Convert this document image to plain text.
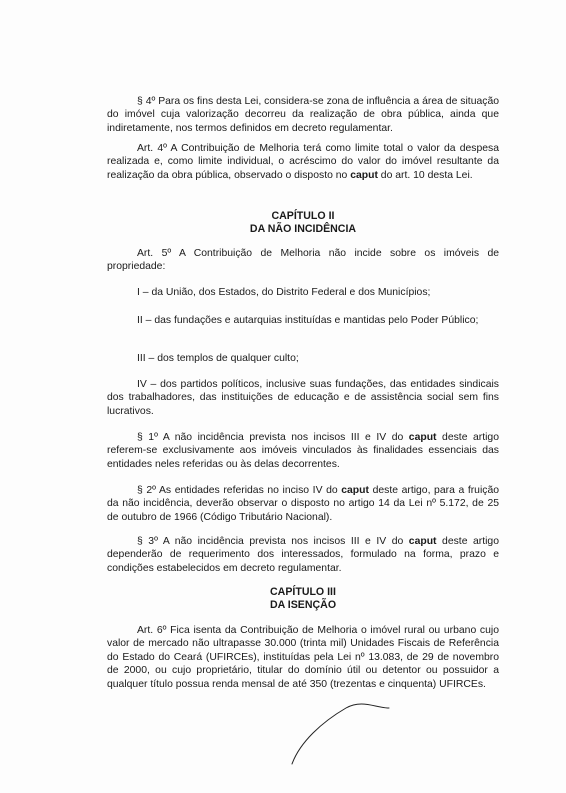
§ 4º Para os fins desta Lei, considera-se zona de influência a área de situação do imóvel cuja valorização decorreu da realização de obra pública, ainda que indiretamente, nos termos definidos em decreto regulamentar.

Art. 4º A Contribuição de Melhoria terá como limite total o valor da despesa realizada e, como limite individual, o acréscimo do valor do imóvel resultante da realização da obra pública, observado o disposto no caput do art. 10 desta Lei.

CAPÍTULO II
DA NÃO INCIDÊNCIA

Art. 5º A Contribuição de Melhoria não incide sobre os imóveis de propriedade:

I – da União, dos Estados, do Distrito Federal e dos Municípios;

II – das fundações e autarquias instituídas e mantidas pelo Poder Público;

III – dos templos de qualquer culto;

IV – dos partidos políticos, inclusive suas fundações, das entidades sindicais dos trabalhadores, das instituições de educação e de assistência social sem fins lucrativos.

§ 1º A não incidência prevista nos incisos III e IV do caput deste artigo referem-se exclusivamente aos imóveis vinculados às finalidades essenciais das entidades neles referidas ou às delas decorrentes.

§ 2º As entidades referidas no inciso IV do caput deste artigo, para a fruição da não incidência, deverão observar o disposto no artigo 14 da Lei nº 5.172, de 25 de outubro de 1966 (Código Tributário Nacional).

§ 3º A não incidência prevista nos incisos III e IV do caput deste artigo dependerão de requerimento dos interessados, formulado na forma, prazo e condições estabelecidos em decreto regulamentar.

CAPÍTULO III
DA ISENÇÃO

Art. 6º Fica isenta da Contribuição de Melhoria o imóvel rural ou urbano cujo valor de mercado não ultrapasse 30.000 (trinta mil) Unidades Fiscais de Referência do Estado do Ceará (UFIRCEs), instituídas pela Lei nº 13.083, de 29 de novembro de 2000, ou cujo proprietário, titular do domínio útil ou detentor ou possuidor a qualquer título possua renda mensal de até 350 (trezentas e cinquenta) UFIRCEs.
